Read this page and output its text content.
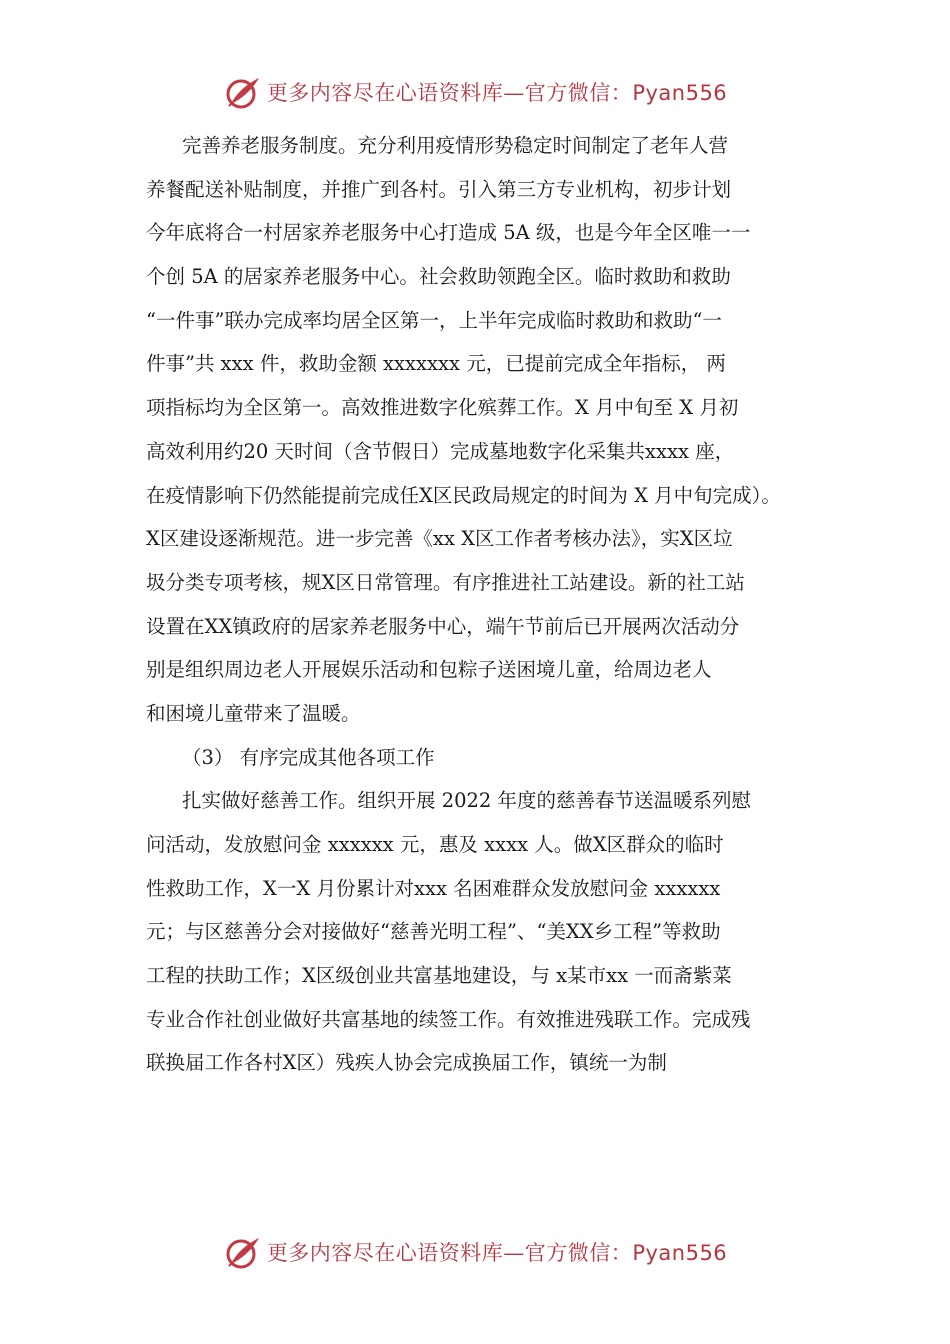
更多内容尽在心语资料库—官方微信：Pyan556
完善养老服务制度。充分利用疫情形势稳定时间制定了老年人营
养餐配送补贴制度，并推广到各村。引入第三方专业机构，初步计划
今年底将合一村居家养老服务中心打造成 5A 级，也是今年全区唯一一
个创 5A 的居家养老服务中心。社会救助领跑全区。临时救助和救助
“一件事”联办完成率均居全区第一，上半年完成临时救助和救助“一
件事”共 xxx 件，救助金额 xxxxxxx 元，已提前完成全年指标， 两
项指标均为全区第一。高效推进数字化殡葬工作。X 月中旬至 X 月初
高效利用约20 天时间（含节假日）完成墓地数字化采集共xxxx 座，
在疫情影响下仍然能提前完成任X区民政局规定的时间为 X 月中旬完成）。
X区建设逐渐规范。进一步完善《xx X区工作者考核办法》，实X区垃
圾分类专项考核，规X区日常管理。有序推进社工站建设。新的社工站
设置在XX镇政府的居家养老服务中心，端午节前后已开展两次活动分
别是组织周边老人开展娱乐活动和包粽子送困境儿童，给周边老人
和困境儿童带来了温暖。
（3） 有序完成其他各项工作
扎实做好慈善工作。组织开展 2022 年度的慈善春节送温暖系列慰
问活动，发放慰问金 xxxxxx 元，惠及 xxxx 人。做X区群众的临时
性救助工作，X一X 月份累计对xxx 名困难群众发放慰问金 xxxxxx
元；与区慈善分会对接做好“慈善光明工程”、“美XX乡工程”等救助
工程的扶助工作；X区级创业共富基地建设，与 x某市xx 一而斋紫菜
专业合作社创业做好共富基地的续签工作。有效推进残联工作。完成残
联换届工作各村X区）残疾人协会完成换届工作，镇统一为制
更多内容尽在心语资料库—官方微信：Pyan556
